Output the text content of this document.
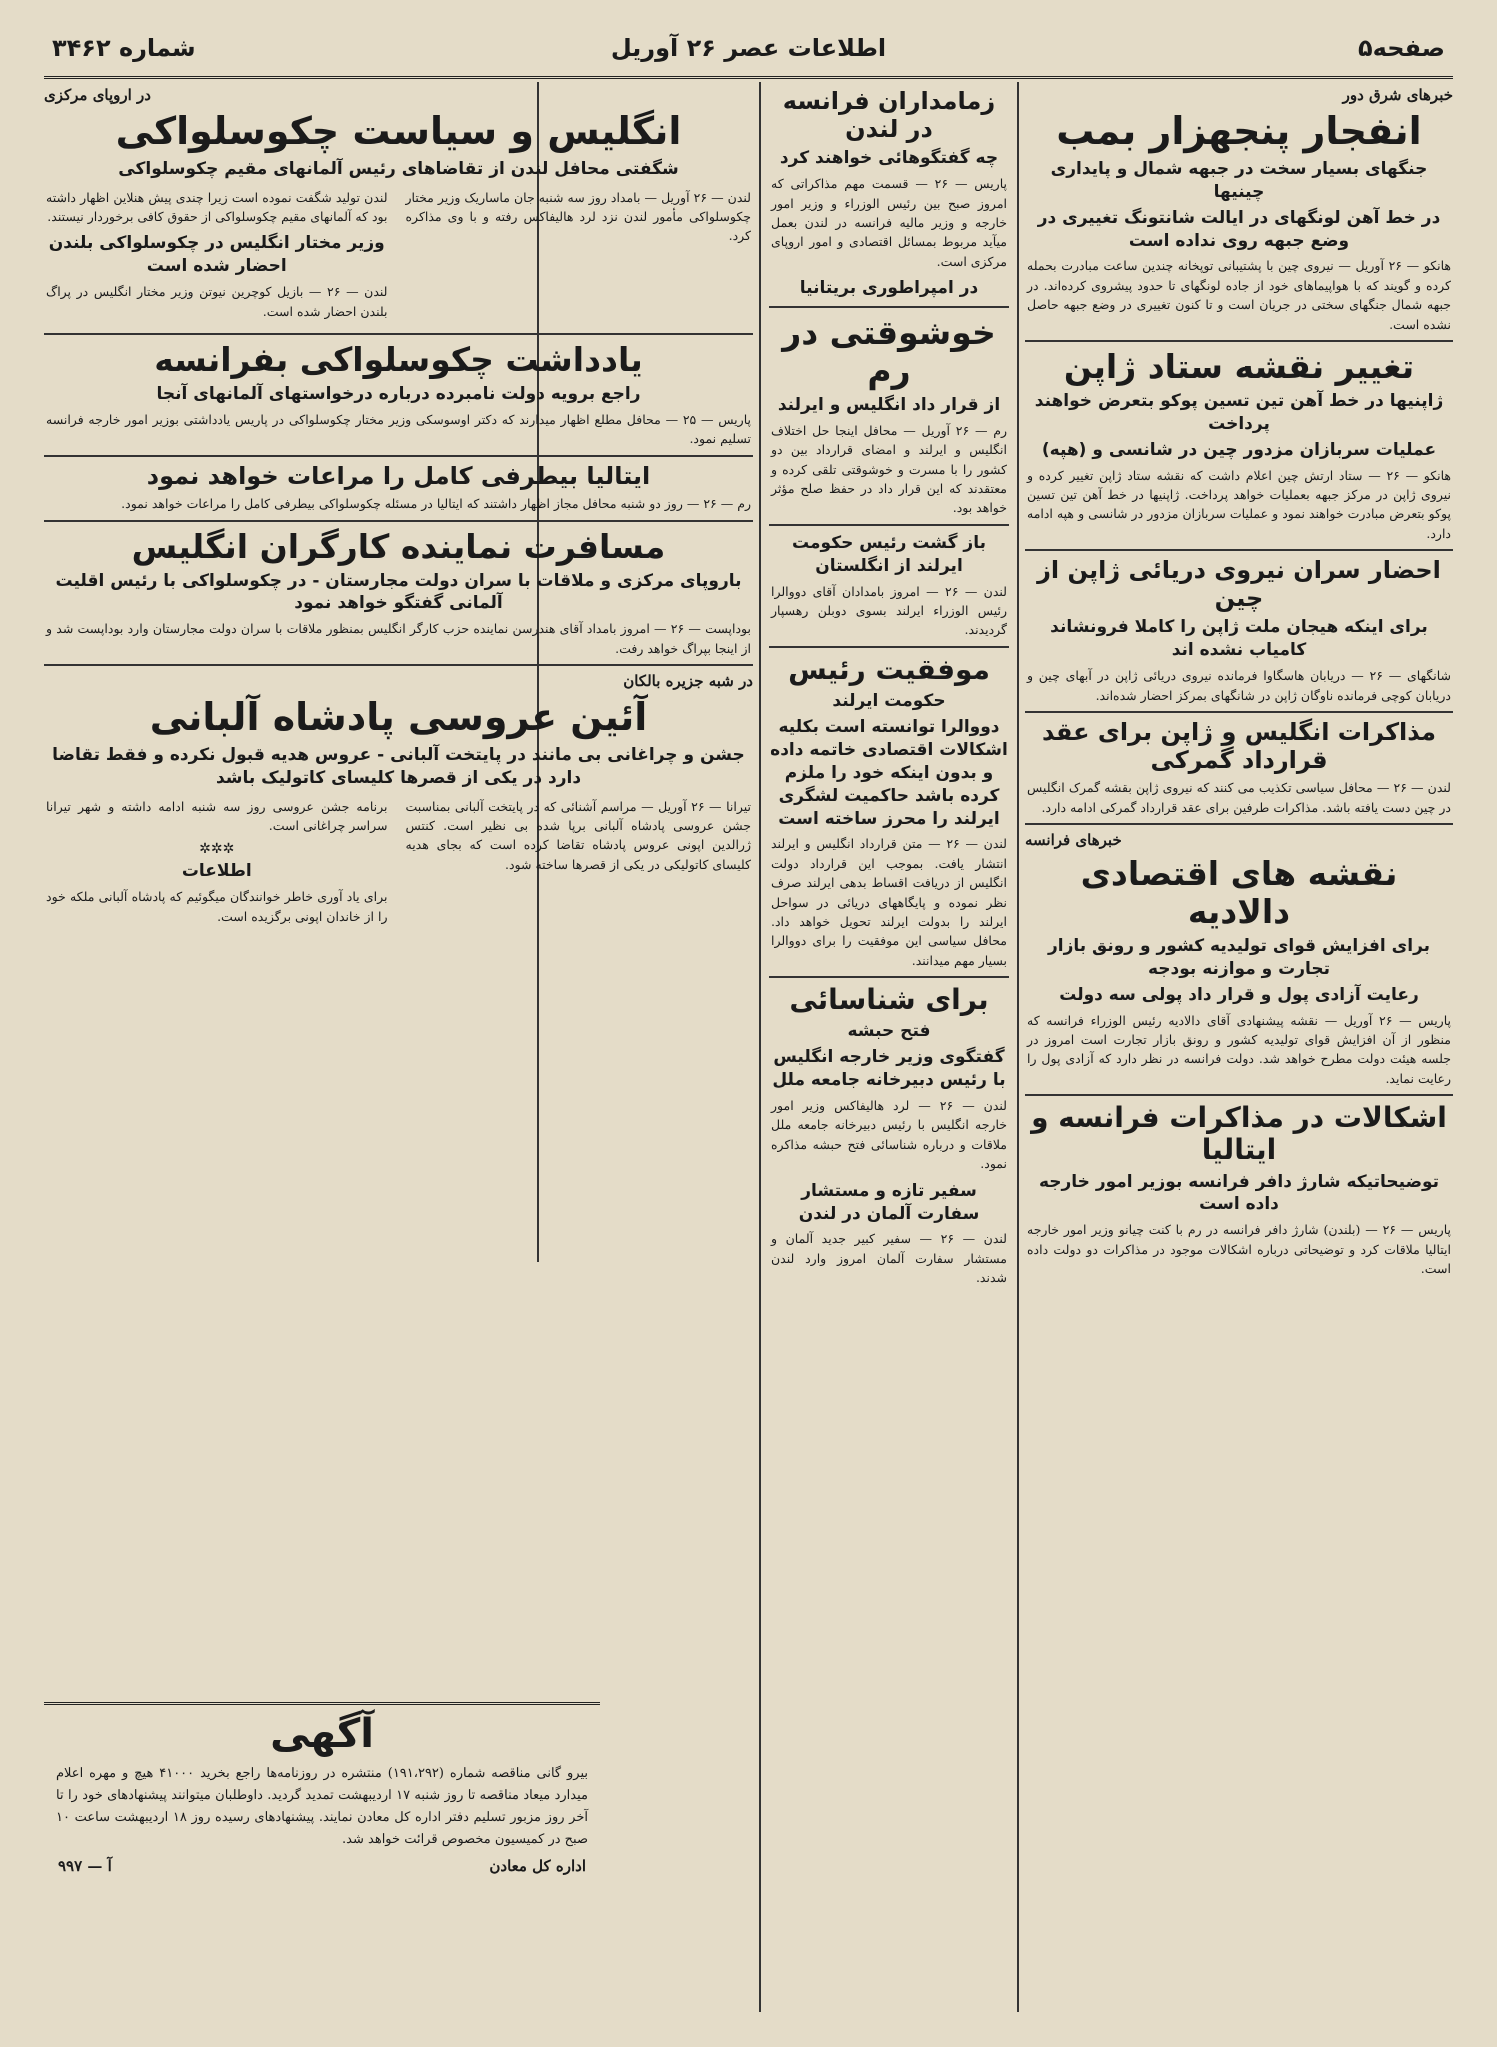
صفحه۵
اطلاعات عصر ۲۶ آوریل
شماره ۳۴۶۲
خبرهای شرق دور
انفجار پنجهزار بمب
جنگهای بسیار سخت در جبهه شمال و پایداری چینیها
در خط آهن لونگهای در ایالت شانتونگ تغییری در وضع جبهه روی نداده است
هانکو — ۲۶ آوریل — نیروی چین با پشتیبانی توپخانه چندین ساعت مبادرت بحمله کرده و گویند که با هواپیماهای خود از جاده لونگهای تا حدود پیشروی کرده‌اند. در جبهه شمال جنگهای سختی در جریان است و تا کنون تغییری در وضع جبهه حاصل نشده است.
تغییر نقشه ستاد ژاپن
ژاپنیها در خط آهن تین تسین پوکو بتعرض خواهند پرداخت
عملیات سربازان مزدور چین در شانسی و (هپه)
هانکو — ۲۶ — ستاد ارتش چین اعلام داشت که نقشه ستاد ژاپن تغییر کرده و نیروی ژاپن در مرکز جبهه بعملیات خواهد پرداخت. ژاپنیها در خط آهن تین تسین پوکو بتعرض مبادرت خواهند نمود و عملیات سربازان مزدور در شانسی و هپه ادامه دارد.
احضار سران نیروی دریائی ژاپن از چین
برای اینکه هیجان ملت ژاپن را کاملا فرونشاند کامیاب نشده اند
شانگهای — ۲۶ — دریابان هاسگاوا فرمانده نیروی دریائی ژاپن در آبهای چین و دریابان کوچی فرمانده ناوگان ژاپن در شانگهای بمرکز احضار شده‌اند.
مذاکرات انگلیس و ژاپن برای عقد قرارداد گمرکی
لندن — ۲۶ — محافل سیاسی تکذیب می کنند که نیروی ژاپن بقشه گمرک انگلیس در چین دست یافته باشد. مذاکرات طرفین برای عقد قرارداد گمرکی ادامه دارد.
خبرهای فرانسه
نقشه های اقتصادی دالادیه
برای افزایش قوای تولیدیه کشور و رونق بازار تجارت و موازنه بودجه
رعایت آزادی پول و قرار داد پولی سه دولت
پاریس — ۲۶ آوریل — نقشه پیشنهادی آقای دالادیه رئیس الوزراء فرانسه که منظور از آن افزایش قوای تولیدیه کشور و رونق بازار تجارت است امروز در جلسه هیئت دولت مطرح خواهد شد. دولت فرانسه در نظر دارد که آزادی پول را رعایت نماید.
اشکالات در مذاکرات فرانسه و ایتالیا
توضیحاتیکه شارژ دافر فرانسه بوزیر امور خارجه داده است
پاریس — ۲۶ — (بلندن) شارژ دافر فرانسه در رم با کنت چیانو وزیر امور خارجه ایتالیا ملاقات کرد و توضیحاتی درباره اشکالات موجود در مذاکرات دو دولت داده است.
زمامداران فرانسه در لندن
چه گفتگوهائی خواهند کرد
پاریس — ۲۶ — قسمت مهم مذاکراتی که امروز صبح بین رئیس الوزراء و وزیر امور خارجه و وزیر مالیه فرانسه در لندن بعمل میآید مربوط بمسائل اقتصادی و امور اروپای مرکزی است.
در امپراطوری بریتانیا
خوشوقتی در رم
از قرار داد انگلیس و ایرلند
رم — ۲۶ آوریل — محافل اینجا حل اختلاف انگلیس و ایرلند و امضای قرارداد بین دو کشور را با مسرت و خوشوقتی تلقی کرده و معتقدند که این قرار داد در حفظ صلح مؤثر خواهد بود.
باز گشت رئیس حکومت ایرلند از انگلستان
لندن — ۲۶ — امروز بامدادان آقای دووالرا رئیس الوزراء ایرلند بسوی دوبلن رهسپار گردیدند.
موفقیت رئیس
حکومت ایرلند
دووالرا توانسته است بکلیه اشکالات اقتصادی خاتمه داده و بدون اینکه خود را ملزم کرده باشد حاکمیت لشگری ایرلند را محرز ساخته است
لندن — ۲۶ — متن قرارداد انگلیس و ایرلند انتشار یافت. بموجب این قرارداد دولت انگلیس از دریافت اقساط بدهی ایرلند صرف نظر نموده و پایگاههای دریائی در سواحل ایرلند را بدولت ایرلند تحویل خواهد داد. محافل سیاسی این موفقیت را برای دووالرا بسیار مهم میدانند.
برای شناسائی
فتح حبشه
گفتگوی وزیر خارجه انگلیس با رئیس دبیرخانه جامعه ملل
لندن — ۲۶ — لرد هالیفاکس وزیر امور خارجه انگلیس با رئیس دبیرخانه جامعه ملل ملاقات و درباره شناسائی فتح حبشه مذاکره نمود.
سفیر تازه و مستشار سفارت آلمان در لندن
لندن — ۲۶ — سفیر کبیر جدید آلمان و مستشار سفارت آلمان امروز وارد لندن شدند.
در اروپای مرکزی
انگلیس و سیاست چکوسلواکی
شگفتی محافل لندن از تقاضاهای رئیس آلمانهای مقیم چکوسلواکی
لندن — ۲۶ آوریل — بامداد روز سه شنبه جان ماساریک وزیر مختار چکوسلواکی مأمور لندن نزد لرد هالیفاکس رفته و با وی مذاکره کرد.
لندن تولید شگفت نموده است زیرا چندی پیش هنلاین اظهار داشته بود که آلمانهای مقیم چکوسلواکی از حقوق کافی برخوردار نیستند.
وزیر مختار انگلیس در چکوسلواکی بلندن احضار شده است
لندن — ۲۶ — بازیل کوچرین نیوتن وزیر مختار انگلیس در پراگ بلندن احضار شده است.
یادداشت چکوسلواکی بفرانسه
راجع برویه دولت نامبرده درباره درخواستهای آلمانهای آنجا
پاریس — ۲۵ — محافل مطلع اظهار میدارند که دکتر اوسوسکی وزیر مختار چکوسلواکی در پاریس یادداشتی بوزیر امور خارجه فرانسه تسلیم نمود.
ایتالیا بیطرفی کامل را مراعات خواهد نمود
رم — ۲۶ — روز دو شنبه محافل مجاز اظهار داشتند که ایتالیا در مسئله چکوسلواکی بیطرفی کامل را مراعات خواهد نمود.
مسافرت نماینده کارگران انگلیس
باروپای مرکزی و ملاقات با سران دولت مجارستان - در چکوسلواکی با رئیس اقلیت آلمانی گفتگو خواهد نمود
بوداپست — ۲۶ — امروز بامداد آقای هندرسن نماینده حزب کارگر انگلیس بمنظور ملاقات با سران دولت مجارستان وارد بوداپست شد و از اینجا بپراگ خواهد رفت.
در شبه جزیره بالکان
آئین عروسی پادشاه آلبانی
جشن و چراغانی بی مانند در پایتخت آلبانی - عروس هدیه قبول نکرده و فقط تقاضا دارد در یکی از قصرها کلیسای کاتولیک باشد
تیرانا — ۲۶ آوریل — مراسم آشنائی که در پایتخت آلبانی بمناسبت جشن عروسی پادشاه آلبانی برپا شده بی نظیر است. کنتس ژرالدین اپونی عروس پادشاه تقاضا کرده است که بجای هدیه کلیسای کاتولیکی در یکی از قصرها ساخته شود.
برنامه جشن عروسی روز سه شنبه ادامه داشته و شهر تیرانا سراسر چراغانی است.
✲✲✲
اطلاعات
برای یاد آوری خاطر خوانندگان میگوئیم که پادشاه آلبانی ملکه خود را از خاندان اپونی برگزیده است.
آگهی
بیرو گانی مناقصه شماره (۱۹۱،۲۹۲) منتشره در روزنامه‌ها راجع بخرید ۴۱۰۰۰ هیچ و مهره اعلام میدارد میعاد مناقصه تا روز شنبه ۱۷ اردیبهشت تمدید گردید. داوطلبان میتوانند پیشنهادهای خود را تا آخر روز مزبور تسلیم دفتر اداره کل معادن نمایند. پیشنهادهای رسیده روز ۱۸ اردیبهشت ساعت ۱۰ صبح در کمیسیون مخصوص قرائت خواهد شد.
اداره کل معادن
آ — ۹۹۷
